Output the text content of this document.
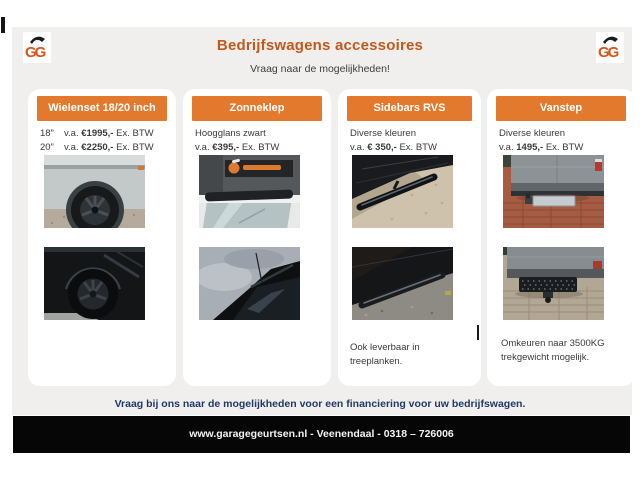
GG	GG
Bedrijfswagens accessoires
Vraag naar de mogelijkheden!
Wielenset 18/20 inch
18” v.a. €1995,- Ex. BTW
20” v.a. €2250,- Ex. BTW
Zonneklep
Hoogglans zwart
v.a. €395,- Ex. BTW
Sidebars RVS
Diverse kleuren
v.a. € 350,- Ex. BTW
Ook leverbaar in treeplanken.
Vanstep
Diverse kleuren
v.a. 1495,- Ex. BTW
Omkeuren naar 3500KG trekgewicht mogelijk.
Vraag bij ons naar de mogelijkheden voor een financiering voor uw bedrijfswagen.
www.garagegeurtsen.nl - Veenendaal - 0318 – 726006
